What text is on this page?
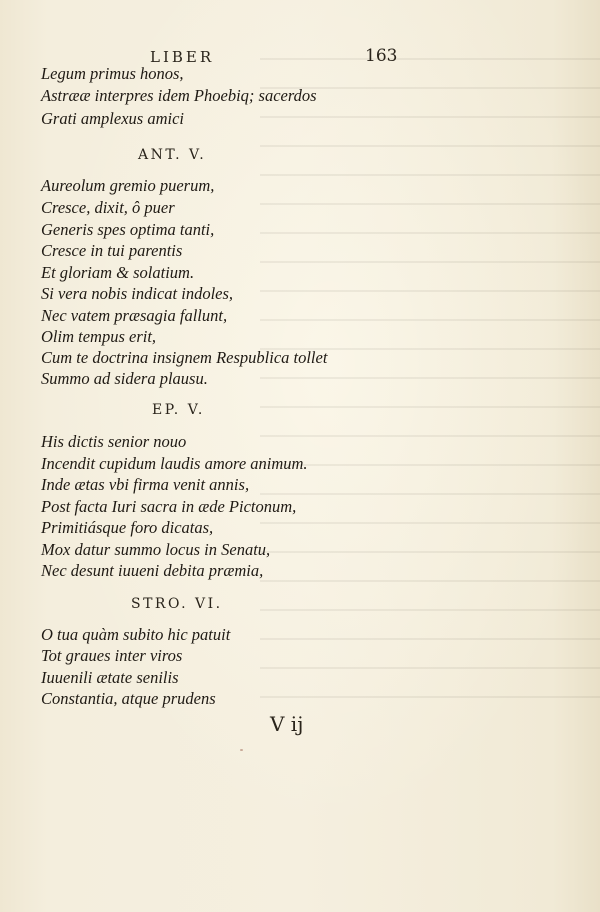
LIBER	163
Legum primus honos,
Astrææ interpres idem Phoebiq; sacerdos
Grati amplexus amici
ANT. V.
Aureolum gremio puerum,
Cresce, dixit, ô puer
Generis spes optima tanti,
Cresce in tui parentis
Et gloriam & solatium.
Si vera nobis indicat indoles,
Nec vatem præsagia fallunt,
Olim tempus erit,
Cum te doctrina insignem Respublica tollet
Summo ad sidera plausu.
EP. V.
His dictis senior nouo
Incendit cupidum laudis amore animum.
Inde ætas vbi firma venit annis,
Post facta Iuri sacra in æde Pictonum,
Primitiásque foro dicatas,
Mox datur summo locus in Senatu,
Nec desunt iuueni debita præmia,
STRO. VI.
O tua quàm subito hic patuit
Tot graues inter viros
Iuuenili ætate senilis
Constantia, atque prudens
V ij
